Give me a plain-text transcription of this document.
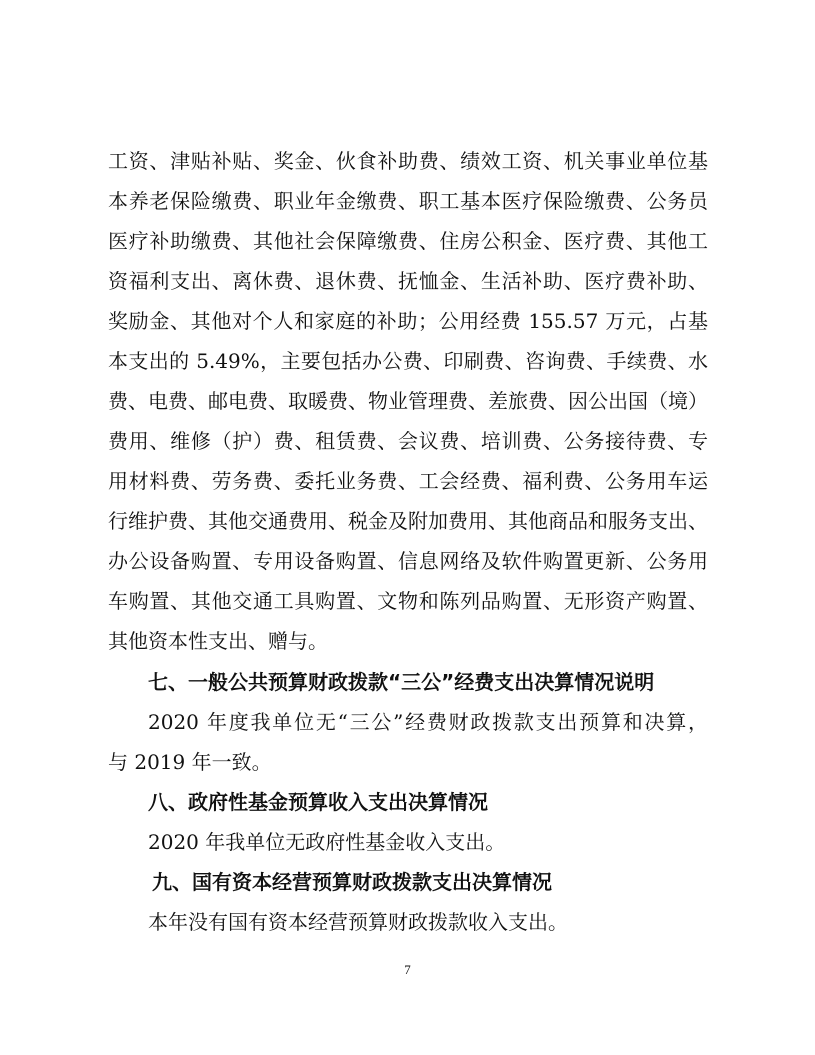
工资、津贴补贴、奖金、伙食补助费、绩效工资、机关事业单位基
本养老保险缴费、职业年金缴费、职工基本医疗保险缴费、公务员
医疗补助缴费、其他社会保障缴费、住房公积金、医疗费、其他工
资福利支出、离休费、退休费、抚恤金、生活补助、医疗费补助、
奖励金、其他对个人和家庭的补助；公用经费 155.57 万元，占基
本支出的 5.49%，主要包括办公费、印刷费、咨询费、手续费、水
费、电费、邮电费、取暖费、物业管理费、差旅费、因公出国（境）
费用、维修（护）费、租赁费、会议费、培训费、公务接待费、专
用材料费、劳务费、委托业务费、工会经费、福利费、公务用车运
行维护费、其他交通费用、税金及附加费用、其他商品和服务支出、
办公设备购置、专用设备购置、信息网络及软件购置更新、公务用
车购置、其他交通工具购置、文物和陈列品购置、无形资产购置、
其他资本性支出、赠与。
七、一般公共预算财政拨款“三公”经费支出决算情况说明
2020 年度我单位无“三公”经费财政拨款支出预算和决算，
与 2019 年一致。
八、政府性基金预算收入支出决算情况
2020 年我单位无政府性基金收入支出。
九、国有资本经营预算财政拨款支出决算情况
本年没有国有资本经营预算财政拨款收入支出。
7
